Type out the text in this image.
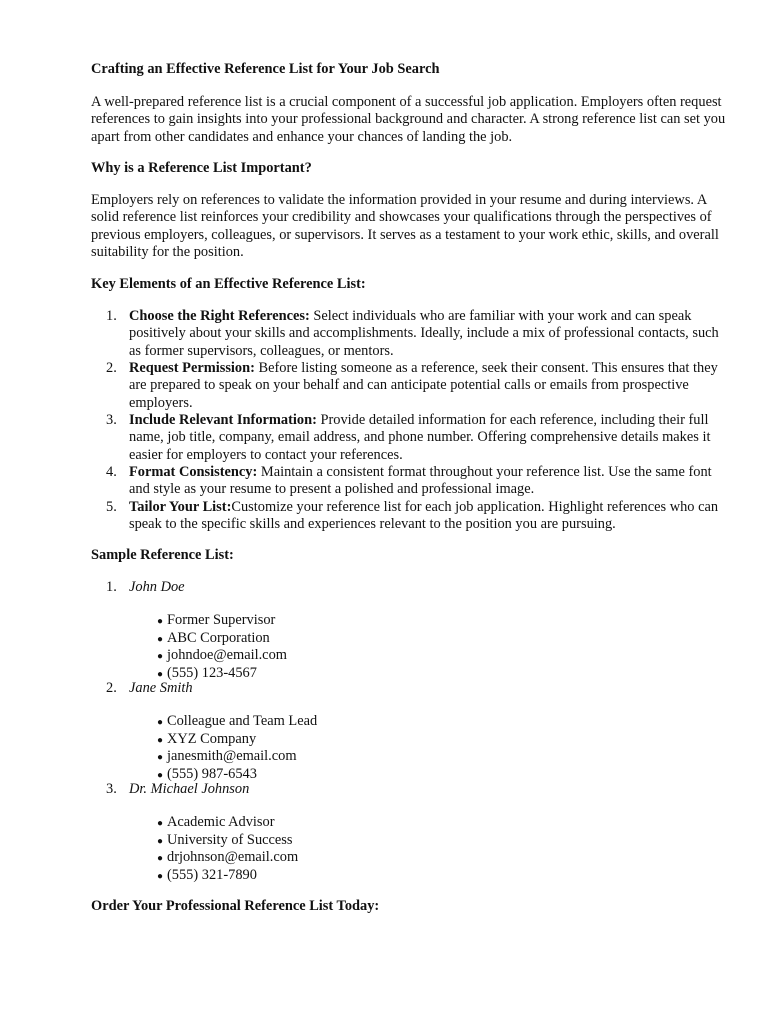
Crafting an Effective Reference List for Your Job Search

A well-prepared reference list is a crucial component of a successful job application. Employers often request references to gain insights into your professional background and character. A strong reference list can set you apart from other candidates and enhance your chances of landing the job.

Why is a Reference List Important?

Employers rely on references to validate the information provided in your resume and during interviews. A solid reference list reinforces your credibility and showcases your qualifications through the perspectives of previous employers, colleagues, or supervisors. It serves as a testament to your work ethic, skills, and overall suitability for the position.

Key Elements of an Effective Reference List:
1. Choose the Right References: Select individuals who are familiar with your work and can speak positively about your skills and accomplishments. Ideally, include a mix of professional contacts, such as former supervisors, colleagues, or mentors.
2. Request Permission: Before listing someone as a reference, seek their consent. This ensures that they are prepared to speak on your behalf and can anticipate potential calls or emails from prospective employers.
3. Include Relevant Information: Provide detailed information for each reference, including their full name, job title, company, email address, and phone number. Offering comprehensive details makes it easier for employers to contact your references.
4. Format Consistency: Maintain a consistent format throughout your reference list. Use the same font and style as your resume to present a polished and professional image.
5. Tailor Your List:Customize your reference list for each job application. Highlight references who can speak to the specific skills and experiences relevant to the position you are pursuing.
Sample Reference List:
1. John Doe
● Former Supervisor
● ABC Corporation
● johndoe@email.com
● (555) 123-4567
2. Jane Smith
● Colleague and Team Lead
● XYZ Company
● janesmith@email.com
● (555) 987-6543
3. Dr. Michael Johnson
● Academic Advisor
● University of Success
● drjohnson@email.com
● (555) 321-7890
Order Your Professional Reference List Today:
